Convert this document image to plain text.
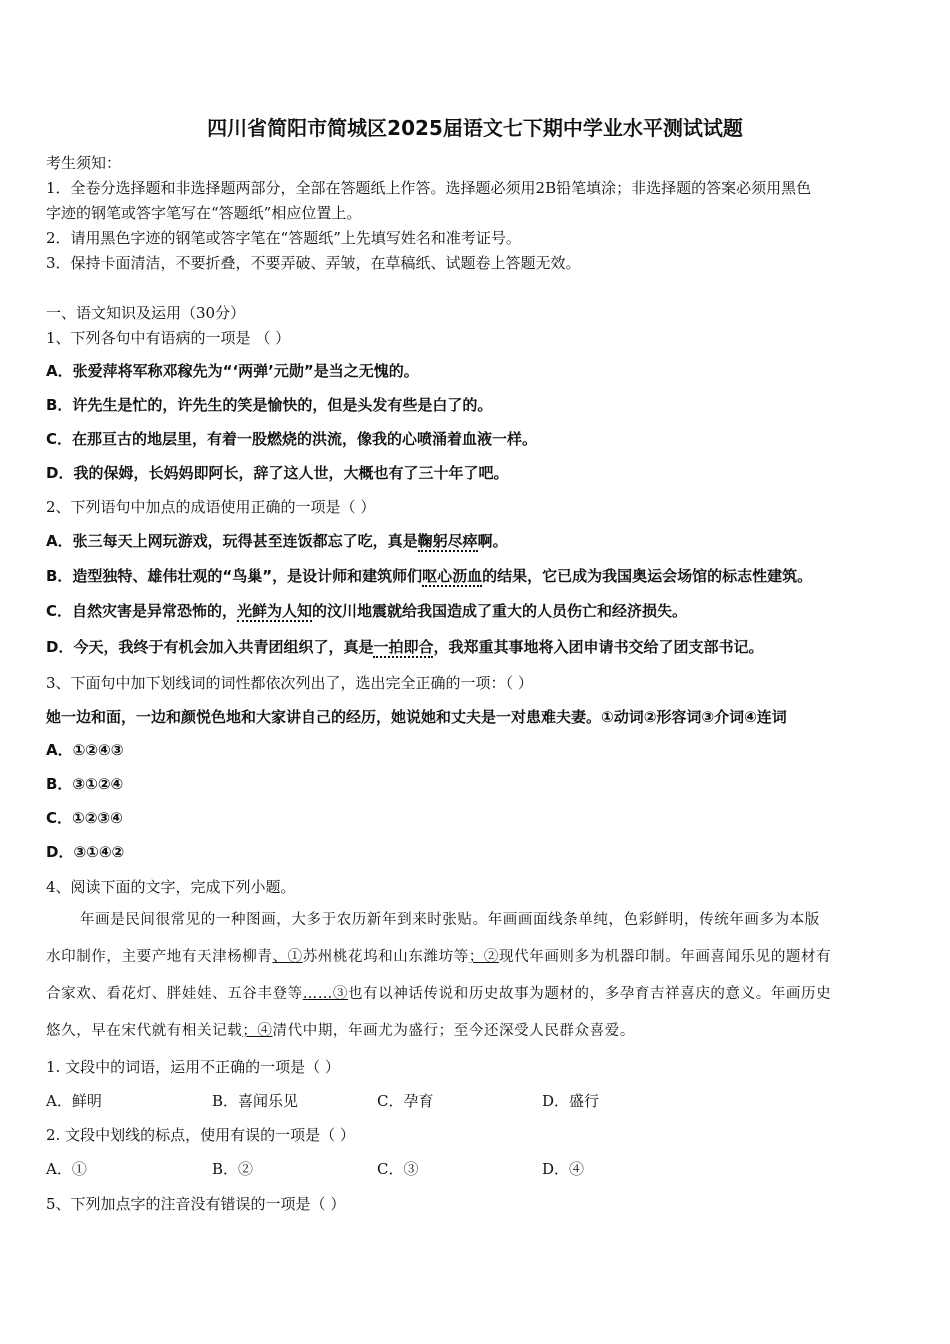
四川省简阳市简城区2025届语文七下期中学业水平测试试题
考生须知：
1．全卷分选择题和非选择题两部分，全部在答题纸上作答。选择题必须用2B铅笔填涂；非选择题的答案必须用黑色
字迹的钢笔或答字笔写在“答题纸”相应位置上。
2．请用黑色字迹的钢笔或答字笔在“答题纸”上先填写姓名和准考证号。
3．保持卡面清洁，不要折叠，不要弄破、弄皱，在草稿纸、试题卷上答题无效。
一、语文知识及运用（30分）
1、下列各句中有语病的一项是 （ ）
A．张爱萍将军称邓稼先为“‘两弹’元勋”是当之无愧的。
B．许先生是忙的，许先生的笑是愉快的，但是头发有些是白了的。
C．在那亘古的地层里，有着一股燃烧的洪流，像我的心喷涌着血液一样。
D．我的保姆，长妈妈即阿长，辞了这人世，大概也有了三十年了吧。
2、下列语句中加点的成语使用正确的一项是（ ）
A．张三每天上网玩游戏，玩得甚至连饭都忘了吃，真是鞠躬尽瘁啊。
B．造型独特、雄伟壮观的“鸟巢”，是设计师和建筑师们呕心沥血的结果，它已成为我国奥运会场馆的标志性建筑。
C．自然灾害是异常恐怖的，光鲜为人知的汶川地震就给我国造成了重大的人员伤亡和经济损失。
D．今天，我终于有机会加入共青团组织了，真是一拍即合，我郑重其事地将入团申请书交给了团支部书记。
3、下面句中加下划线词的词性都依次列出了，选出完全正确的一项：（ ）
她一边和面，一边和颜悦色地和大家讲自己的经历，她说她和丈夫是一对患难夫妻。①动词②形容词③介词④连词
A．①②④③
B．③①②④
C．①②③④
D．③①④②
4、阅读下面的文字，完成下列小题。
年画是民间很常见的一种图画，大多于农历新年到来时张贴。年画画面线条单纯，色彩鲜明，传统年画多为本版
水印制作，主要产地有天津杨柳青、①苏州桃花坞和山东潍坊等；②现代年画则多为机器印制。年画喜闻乐见的题材有
合家欢、看花灯、胖娃娃、五谷丰登等……③也有以神话传说和历史故事为题材的，多孕育吉祥喜庆的意义。年画历史
悠久，早在宋代就有相关记载；④清代中期，年画尤为盛行；至今还深受人民群众喜爱。
1. 文段中的词语，运用不正确的一项是（ ）
A．鲜明	B．喜闻乐见	C．孕育	D．盛行
2. 文段中划线的标点，使用有误的一项是（ ）
A．①	B．②	C．③	D．④
5、下列加点字的注音没有错误的一项是（ ）
